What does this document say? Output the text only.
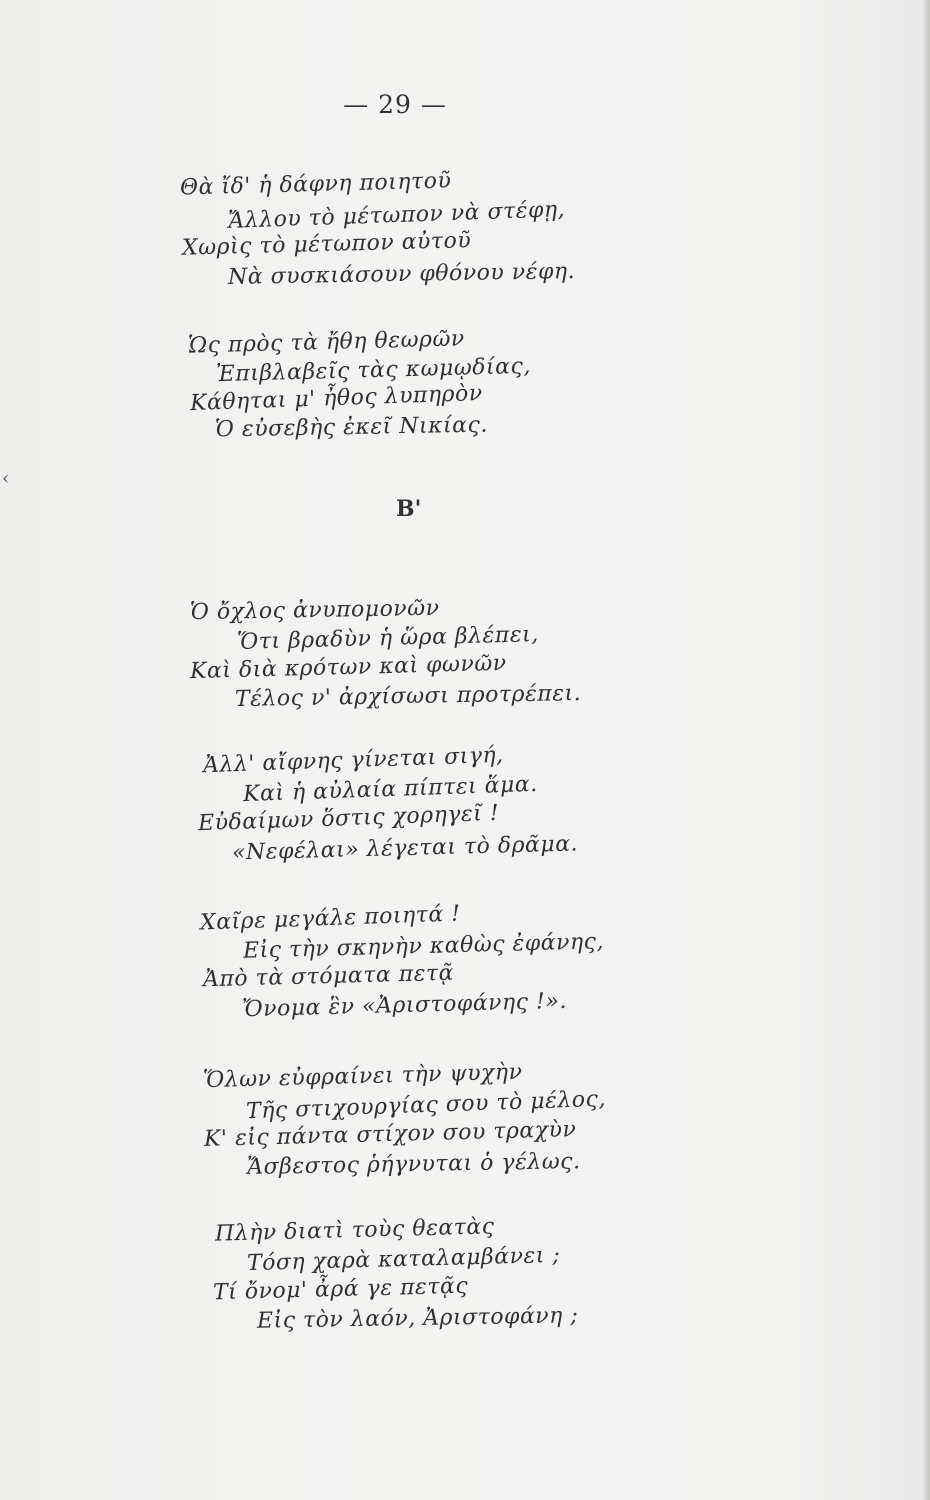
— 29 —
‹
Θὰ ἴδ' ἡ δάφνη ποιητοῦ
Ἄλλου τὸ μέτωπον νὰ στέφῃ,
Χωρὶς τὸ μέτωπον αὐτοῦ
Νὰ συσκιάσουν φθόνου νέφη.
Ὡς πρὸς τὰ ἤθη θεωρῶν
Ἐπιβλαβεῖς τὰς κωμῳδίας,
Κάθηται μ' ἦθος λυπηρὸν
Ὁ εὐσεβὴς ἐκεῖ Νικίας.
Β'
Ὁ ὄχλος ἀνυπομονῶν
Ὅτι βραδὺν ἡ ὥρα βλέπει,
Καὶ διὰ κρότων καὶ φωνῶν
Τέλος ν' ἀρχίσωσι προτρέπει.
Ἀλλ' αἴφνης γίνεται σιγή,
Καὶ ἡ αὐλαία πίπτει ἅμα.
Εὐδαίμων ὅστις χορηγεῖ !
«Νεφέλαι» λέγεται τὸ δρᾶμα.
Χαῖρε μεγάλε ποιητά !
Εἰς τὴν σκηνὴν καθὼς ἐφάνης,
Ἀπὸ τὰ στόματα πετᾷ
Ὄνομα ἓν «Ἀριστοφάνης !».
Ὅλων εὐφραίνει τὴν ψυχὴν
Τῆς στιχουργίας σου τὸ μέλος,
Κ' εἰς πάντα στίχον σου τραχὺν
Ἄσβεστος ῥήγνυται ὁ γέλως.
Πλὴν διατὶ τοὺς θεατὰς
Τόση χαρὰ καταλαμβάνει ;
Τί ὄνομ' ἆρά γε πετᾷς
Εἰς τὸν λαόν, Ἀριστοφάνη ;
